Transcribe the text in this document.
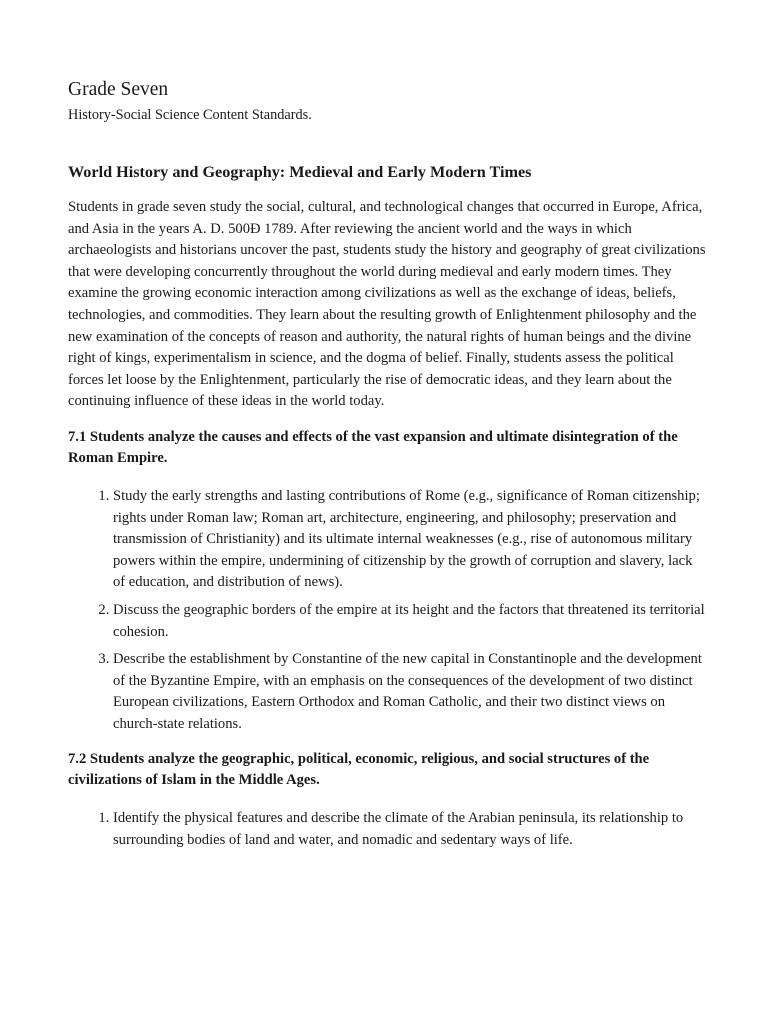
Grade Seven

History-Social Science Content Standards.

World History and Geography: Medieval and Early Modern Times

Students in grade seven study the social, cultural, and technological changes that occurred in Europe, Africa, and Asia in the years A. D. 500Ð 1789. After reviewing the ancient world and the ways in which archaeologists and historians uncover the past, students study the history and geography of great civilizations that were developing concurrently throughout the world during medieval and early modern times. They examine the growing economic interaction among civilizations as well as the exchange of ideas, beliefs, technologies, and commodities. They learn about the resulting growth of Enlightenment philosophy and the new examination of the concepts of reason and authority, the natural rights of human beings and the divine right of kings, experimentalism in science, and the dogma of belief. Finally, students assess the political forces let loose by the Enlightenment, particularly the rise of democratic ideas, and they learn about the continuing influence of these ideas in the world today.

7.1 Students analyze the causes and effects of the vast expansion and ultimate disintegration of the Roman Empire.
1. Study the early strengths and lasting contributions of Rome (e.g., significance of Roman citizenship; rights under Roman law; Roman art, architecture, engineering, and philosophy; preservation and transmission of Christianity) and its ultimate internal weaknesses (e.g., rise of autonomous military powers within the empire, undermining of citizenship by the growth of corruption and slavery, lack of education, and distribution of news).
2. Discuss the geographic borders of the empire at its height and the factors that threatened its territorial cohesion.
3. Describe the establishment by Constantine of the new capital in Constantinople and the development of the Byzantine Empire, with an emphasis on the consequences of the development of two distinct European civilizations, Eastern Orthodox and Roman Catholic, and their two distinct views on church-state relations.
7.2 Students analyze the geographic, political, economic, religious, and social structures of the civilizations of Islam in the Middle Ages.
1. Identify the physical features and describe the climate of the Arabian peninsula, its relationship to surrounding bodies of land and water, and nomadic and sedentary ways of life.
